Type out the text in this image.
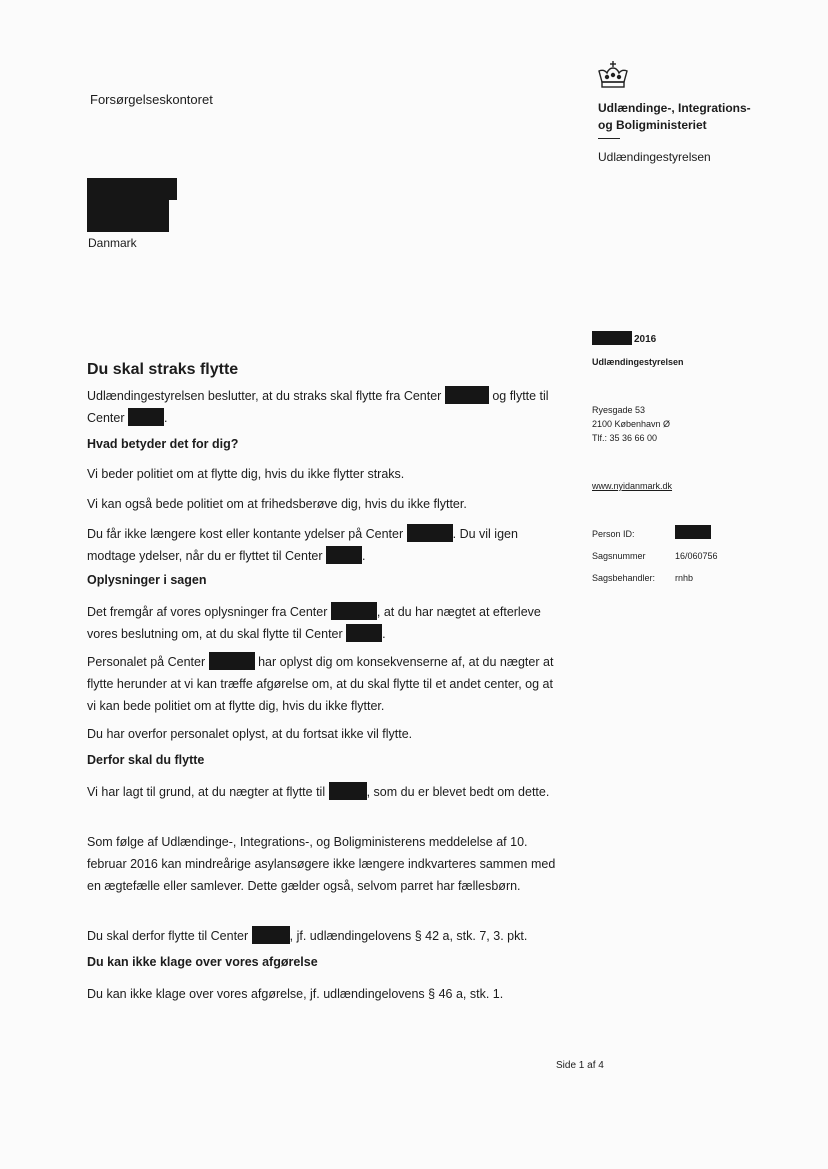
Forsørgelseskontoret
Udlændinge-, Integrations-
og Boligministeriet
Udlændingestyrelsen
Danmark
2016
Udlændingestyrelsen
Ryesgade 53
2100 København Ø
Tlf.: 35 36 66 00
www.nyidanmark.dk
Person ID:
Sagsnummer	16/060756
Sagsbehandler: rnhb
Du skal straks flytte
Udlændingestyrelsen beslutter, at du straks skal flytte fra Center	og flytte til Center	.
Hvad betyder det for dig?
Vi beder politiet om at flytte dig, hvis du ikke flytter straks.
Vi kan også bede politiet om at frihedsberøve dig, hvis du ikke flytter.
Du får ikke længere kost eller kontante ydelser på Center	. Du vil igen modtage ydelser, når du er flyttet til Center	.
Oplysninger i sagen
Det fremgår af vores oplysninger fra Center	, at du har nægtet at efterleve vores beslutning om, at du skal flytte til Center	.
Personalet på Center	har oplyst dig om konsekvenserne af, at du nægter at flytte herunder at vi kan træffe afgørelse om, at du skal flytte til et andet center, og at vi kan bede politiet om at flytte dig, hvis du ikke flytter.
Du har overfor personalet oplyst, at du fortsat ikke vil flytte.
Derfor skal du flytte
Vi har lagt til grund, at du nægter at flytte til	, som du er blevet bedt om dette.
Som følge af Udlændinge-, Integrations-, og Boligministerens meddelelse af 10. februar 2016 kan mindreårige asylansøgere ikke længere indkvarteres sammen med en ægtefælle eller samlever. Dette gælder også, selvom parret har fællesbørn.
Du skal derfor flytte til Center	, jf. udlændingelovens § 42 a, stk. 7, 3. pkt.
Du kan ikke klage over vores afgørelse
Du kan ikke klage over vores afgørelse, jf. udlændingelovens § 46 a, stk. 1.
Side 1 af 4
